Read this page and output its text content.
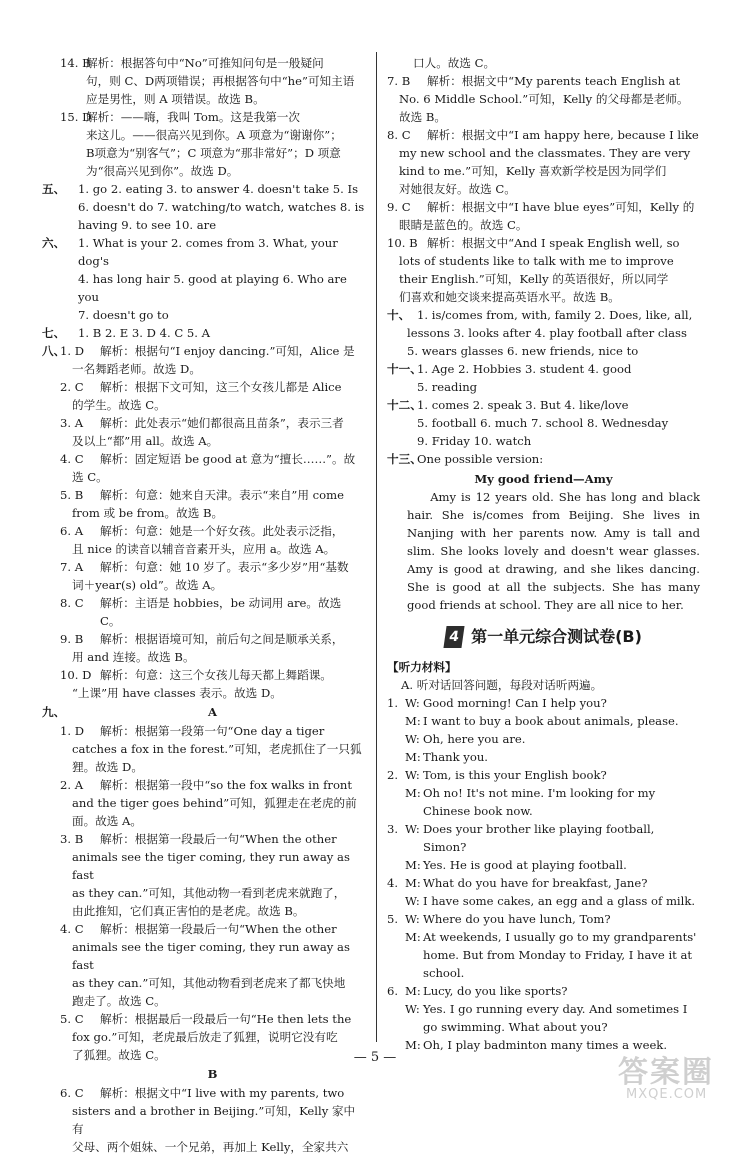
14. B
解析：根据答句中“No”可推知问句是一般疑问
句，则 C、D两项错误；再根据答句中“he”可知主语
应是男性，则 A 项错误。故选 B。
15. D
解析：——嗨，我叫 Tom。这是我第一次
来这儿。——很高兴见到你。A 项意为“谢谢你”；
B项意为“别客气”；C 项意为“那非常好”；D 项意
为“很高兴见到你”。故选 D。
五、 1. go 2. eating 3. to answer 4. doesn't take 5. Is
6. doesn't do 7. watching/to watch, watches 8. is
having 9. to see 10. are
六、 1. What is your 2. comes from 3. What, your dog's
4. has long hair 5. good at playing 6. Who are you
7. doesn't go to
七、 1. B 2. E 3. D 4. C 5. A
八、
1. D 解析：根据句“I enjoy dancing.”可知，Alice 是
一名舞蹈老师。故选 D。
2. C 解析：根据下文可知，这三个女孩儿都是 Alice
的学生。故选 C。
3. A 解析：此处表示“她们都很高且苗条”，表示三者
及以上“都”用 all。故选 A。
4. C 解析：固定短语 be good at 意为“擅长……”。故
选 C。
5. B 解析：句意：她来自天津。表示“来自”用 come
from 或 be from。故选 B。
6. A 解析：句意：她是一个好女孩。此处表示泛指，
且 nice 的读音以辅音音素开头，应用 a。故选 A。
7. A 解析：句意：她 10 岁了。表示“多少岁”用“基数
词＋year(s) old”。故选 A。
8. C 解析：主语是 hobbies，be 动词用 are。故选 C。
9. B 解析：根据语境可知，前后句之间是顺承关系，
用 and 连接。故选 B。
10. D 解析：句意：这三个女孩儿每天都上舞蹈课。
“上课”用 have classes 表示。故选 D。
九、	A
1. D 解析：根据第一段第一句“One day a tiger
catches a fox in the forest.”可知，老虎抓住了一只狐
狸。故选 D。
2. A 解析：根据第一段中“so the fox walks in front
and the tiger goes behind”可知，狐狸走在老虎的前
面。故选 A。
3. B 解析：根据第一段最后一句“When the other
animals see the tiger coming, they run away as fast
as they can.”可知，其他动物一看到老虎来就跑了，
由此推知，它们真正害怕的是老虎。故选 B。
4. C 解析：根据第一段最后一句“When the other
animals see the tiger coming, they run away as fast
as they can.”可知，其他动物看到老虎来了都飞快地
跑走了。故选 C。
5. C 解析：根据最后一段最后一句“He then lets the
fox go.”可知，老虎最后放走了狐狸，说明它没有吃
了狐狸。故选 C。
B
6. C 解析：根据文中“I live with my parents, two
sisters and a brother in Beijing.”可知，Kelly 家中有
父母、两个姐妹、一个兄弟，再加上 Kelly，全家共六
口人。故选 C。
7. B 解析：根据文中“My parents teach English at
No. 6 Middle School.”可知，Kelly 的父母都是老师。
故选 B。
8. C 解析：根据文中“I am happy here, because I like
my new school and the classmates. They are very
kind to me.”可知，Kelly 喜欢新学校是因为同学们
对她很友好。故选 C。
9. C 解析：根据文中“I have blue eyes”可知，Kelly 的
眼睛是蓝色的。故选 C。
10. B 解析：根据文中“And I speak English well, so
lots of students like to talk with me to improve
their English.”可知，Kelly 的英语很好，所以同学
们喜欢和她交谈来提高英语水平。故选 B。
十、 1. is/comes from, with, family 2. Does, like, all,
lessons 3. looks after 4. play football after class
5. wears glasses 6. new friends, nice to
十一、
1. Age 2. Hobbies 3. student 4. good
5. reading
十二、
1. comes 2. speak 3. But 4. like/love
5. football 6. much 7. school 8. Wednesday
9. Friday 10. watch
十三、
One possible version:
My good friend—Amy
Amy is 12 years old. She has long and black hair. She is/comes from Beijing. She lives in Nanjing with her parents now. Amy is tall and slim. She looks lovely and doesn't wear glasses. Amy is good at drawing, and she likes dancing. She is good at all the subjects. She has many good friends at school. They are all nice to her.
4 第一单元综合测试卷(B)
【听力材料】
A. 听对话回答问题，每段对话听两遍。
1. W: Good morning! Can I help you?
M: I want to buy a book about animals, please.
W: Oh, here you are.
M: Thank you.
2. W: Tom, is this your English book?
M: Oh no! It's not mine. I'm looking for my Chinese book now.
3. W: Does your brother like playing football, Simon?
M: Yes. He is good at playing football.
4. M: What do you have for breakfast, Jane?
W: I have some cakes, an egg and a glass of milk.
5. W: Where do you have lunch, Tom?
M: At weekends, I usually go to my grandparents' home. But from Monday to Friday, I have it at school.
6. M: Lucy, do you like sports?
W: Yes. I go running every day. And sometimes I go swimming. What about you?
M: Oh, I play badminton many times a week.
— 5 —	答案圈
MXQE.COM
